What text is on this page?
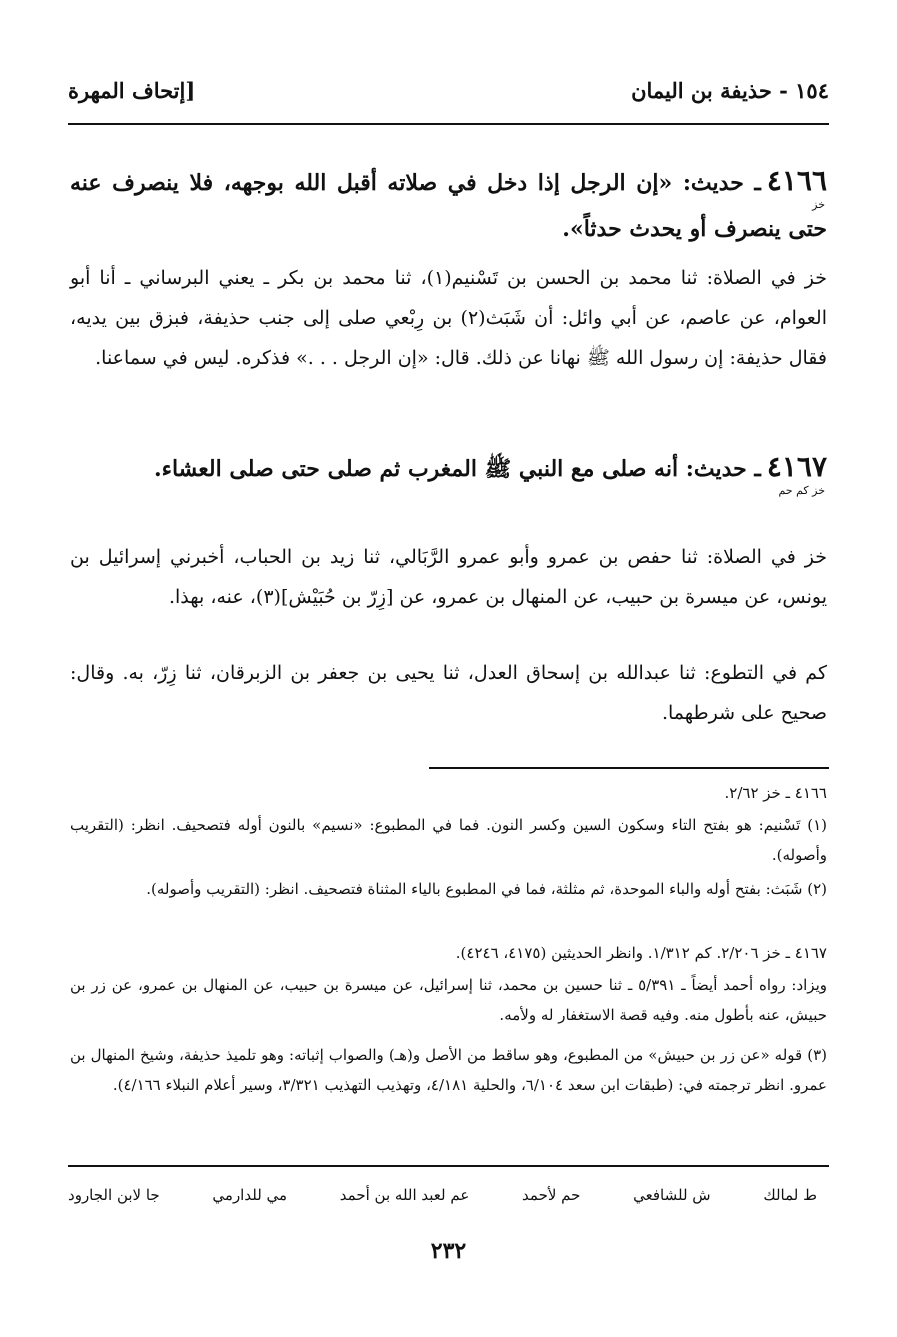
١٥٤ - حذيفة بن اليمان
[إتحاف المهرة
٤١٦٦ـ حديث: «إن الرجل إذا دخل في صلاته أقبل الله بوجهه، فلا ينصرف عنه حتى ينصرف أو يحدث حدثاً».
خز
خز في الصلاة: ثنا محمد بن الحسن بن تَسْنيم(١)، ثنا محمد بن بكر ـ يعني البرساني ـ أنا أبو العوام، عن عاصم، عن أبي وائل: أن شَبَث(٢) بن رِبْعي صلى إلى جنب حذيفة، فبزق بين يديه، فقال حذيفة: إن رسول الله ﷺ نهانا عن ذلك. قال: «إن الرجل . . .» فذكره. ليس في سماعنا.
٤١٦٧ـ حديث: أنه صلى مع النبي ﷺ المغرب ثم صلى حتى صلى العشاء.
خز كم حم
خز في الصلاة: ثنا حفص بن عمرو وأبو عمرو الرَّبَالي، ثنا زيد بن الحباب، أخبرني إسرائيل بن يونس، عن ميسرة بن حبيب، عن المنهال بن عمرو، عن [زِرّ بن حُبَيْش](٣)، عنه، بهذا.
كم في التطوع: ثنا عبدالله بن إسحاق العدل، ثنا يحيى بن جعفر بن الزبرقان، ثنا زِرّ، به. وقال: صحيح على شرطهما.
٤١٦٦ ـ خز ٢/٦٢.
(١) تَسْنيم: هو بفتح التاء وسكون السين وكسر النون. فما في المطبوع: «نسيم» بالنون أوله فتصحيف. انظر: (التقريب وأصوله).
(٢) شَبَث: بفتح أوله والباء الموحدة، ثم مثلثة، فما في المطبوع بالياء المثناة فتصحيف. انظر: (التقريب وأصوله).
٤١٦٧ ـ خز ٢/٢٠٦. كم ١/٣١٢. وانظر الحديثين (٤١٧٥، ٤٢٤٦).
ويزاد: رواه أحمد أيضاً ـ ٥/٣٩١ ـ ثنا حسين بن محمد، ثنا إسرائيل، عن ميسرة بن حبيب، عن المنهال بن عمرو، عن زر بن حبيش، عنه بأطول منه. وفيه قصة الاستغفار له ولأمه.
(٣) قوله «عن زر بن حبيش» من المطبوع، وهو ساقط من الأصل و(هـ) والصواب إثباته: وهو تلميذ حذيفة، وشيخ المنهال بن عمرو. انظر ترجمته في: (طبقات ابن سعد ٦/١٠٤، والحلية ٤/١٨١، وتهذيب التهذيب ٣/٣٢١، وسير أعلام النبلاء ٤/١٦٦).
ط لمالك
ش للشافعي
حم لأحمد
عم لعبد الله بن أحمد
مي للدارمي
جا لابن الجارود
٢٣٢
